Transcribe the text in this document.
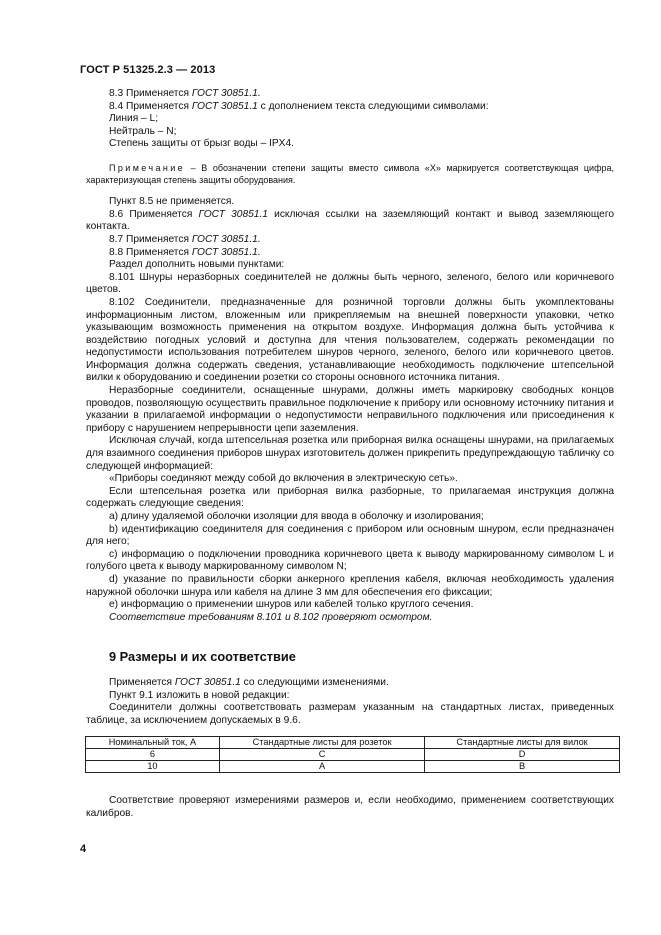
ГОСТ Р 51325.2.3 — 2013

8.3 Применяется ГОСТ 30851.1.

8.4 Применяется ГОСТ 30851.1 с дополнением текста следующими символами:

Линия – L;

Нейтраль – N;

Степень защиты от брызг воды – IPX4.

Примечание – В обозначении степени защиты вместо символа «X» маркируется соответствующая цифра, характеризующая степень защиты оборудования.

Пункт 8.5 не применяется.

8.6 Применяется ГОСТ 30851.1 исключая ссылки на заземляющий контакт и вывод заземляющего контакта.

8.7 Применяется ГОСТ 30851.1.

8.8 Применяется ГОСТ 30851.1.

Раздел дополнить новыми пунктами:

8.101 Шнуры неразборных соединителей не должны быть черного, зеленого, белого или коричневого цветов.

8.102 Соединители, предназначенные для розничной торговли должны быть укомплектованы информационным листом, вложенным или прикрепляемым на внешней поверхности упаковки, четко указывающим возможность применения на открытом воздухе. Информация должна быть устойчива к воздействию погодных условий и доступна для чтения пользователем, содержать рекомендации по недопустимости использования потребителем шнуров черного, зеленого, белого или коричневого цветов. Информация должна содержать сведения, устанавливающие необходимость подключение штепсельной вилки к оборудованию и соединении розетки со стороны основного источника питания.

Неразборные соединители, оснащенные шнурами, должны иметь маркировку свободных концов проводов, позволяющую осуществить правильное подключение к прибору или основному источнику питания и указании в прилагаемой информации о недопустимости неправильного подключения или присоединения к прибору с нарушением непрерывности цепи заземления.

Исключая случай, когда штепсельная розетка или приборная вилка оснащены шнурами, на прилагаемых для взаимного соединения приборов шнурах изготовитель должен прикрепить предупреждающую табличку со следующей информацией:

«Приборы соединяют между собой до включения в электрическую сеть».

Если штепсельная розетка или приборная вилка разборные, то прилагаемая инструкция должна содержать следующие сведения:

а) длину удаляемой оболочки изоляции для ввода в оболочку и изолирования;

b) идентификацию соединителя для соединения с прибором или основным шнуром, если предназначен для него;

c) информацию о подключении проводника коричневого цвета к выводу маркированному символом L и голубого цвета к выводу маркированному символом N;

d) указание по правильности сборки анкерного крепления кабеля, включая необходимость удаления наружной оболочки шнура или кабеля на длине 3 мм для обеспечения его фиксации;

e) информацию о применении шнуров или кабелей только круглого сечения.

Соответствие требованиям 8.101 и 8.102 проверяют осмотром.

9 Размеры и их соответствие

Применяется ГОСТ 30851.1 со следующими изменениями.

Пункт 9.1 изложить в новой редакции:

Соединители должны соответствовать размерам указанным на стандартных листах, приведенных таблице, за исключением допускаемых в 9.6.

Номинальный ток, А	Стандартные листы для розеток	Стандартные листы для вилок
6	C	D
10	A	B

Соответствие проверяют измерениями размеров и, если необходимо, применением соответствующих калибров.

4
